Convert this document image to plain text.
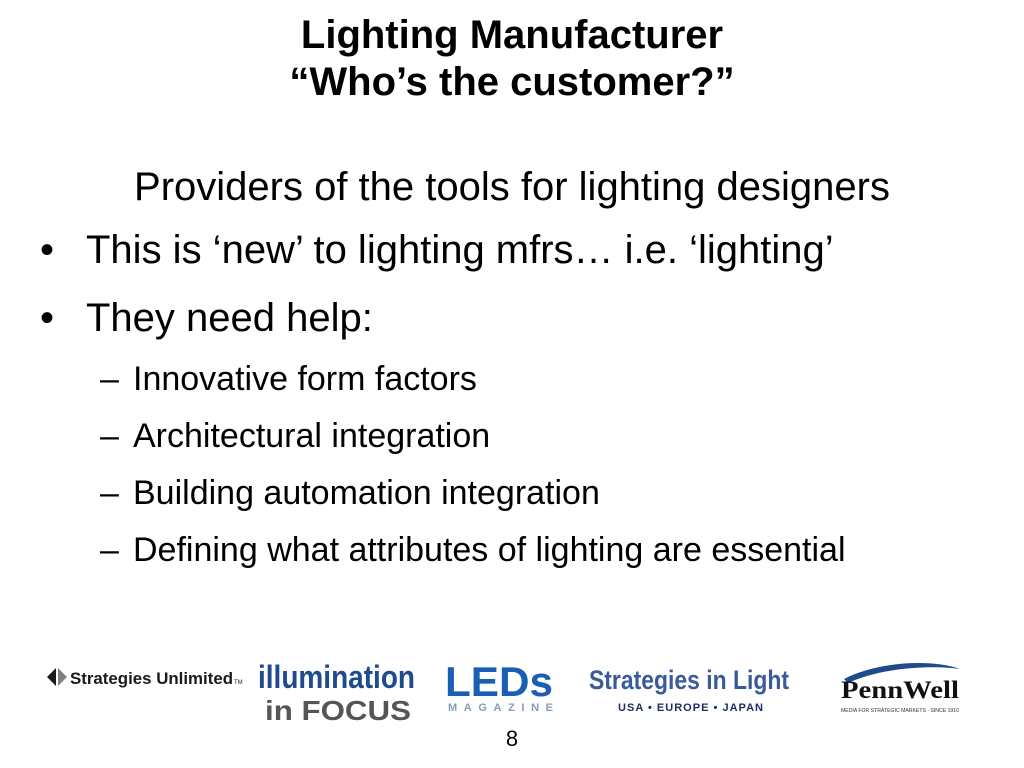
Lighting Manufacturer
“Who’s the customer?”
Providers of the tools for lighting designers
• This is ‘new’ to lighting mfrs… i.e. ‘lighting’
• They need help:
– Innovative form factors
– Architectural integration
– Building automation integration
– Defining what attributes of lighting are essential
Strategies Unlimited TM illumination
in FOCUS
LEDs
MAGAZINE
Strategies in Light
USA • EUROPE • JAPAN
PennWell
MEDIA FOR STRATEGIC MARKETS · SINCE 1910
8
